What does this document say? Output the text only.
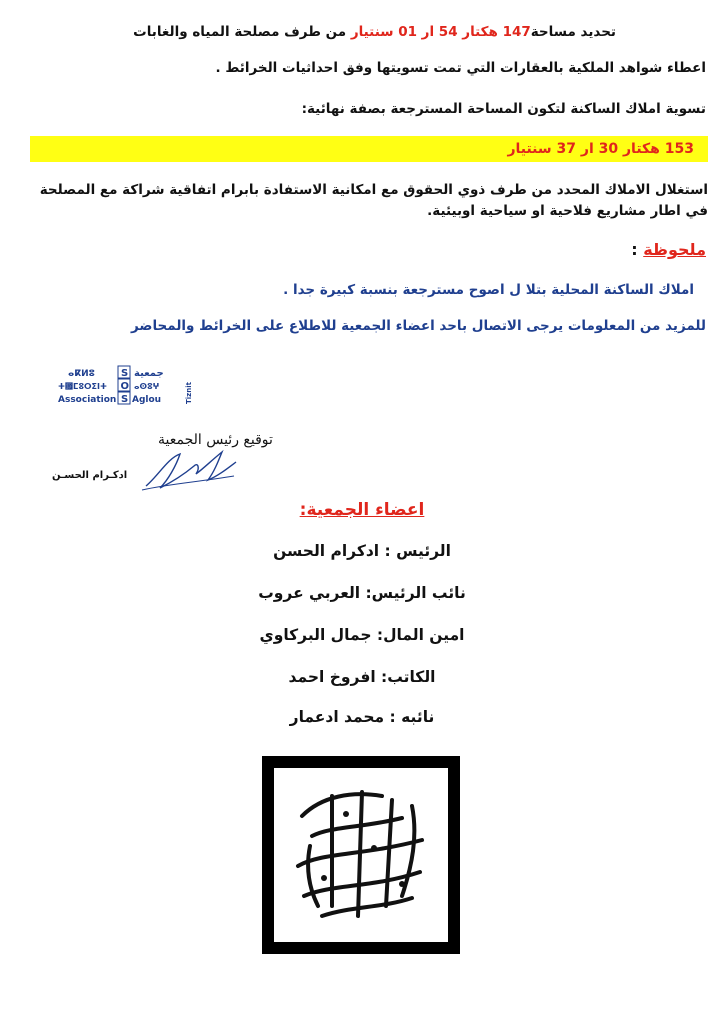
تحديد مساحة147 هكتار 54 ار 01 سنتيار من طرف مصلحة المياه والغابات
اعطاء شواهد الملكية بالعقارات التي تمت تسويتها وفق احداثيات الخرائط .
تسوية املاك الساكنة لتكون المساحة المسترجعة بصفة نهائية:
153 هكتار 30 ار 37 سنتيار
استغلال الاملاك المحدد من طرف ذوي الحقوق مع امكانية الاستفادة بابرام اتفاقية شراكة مع المصلحة في اطار مشاريع فلاحية او سياحية اوبيئية.
ملحوظة :
املاك الساكنة المحلية بتلا ل اصوح مسترجعة بنسبة كبيرة جدا .
للمزيد من المعلومات يرجى الاتصال باحد اعضاء الجمعية للاطلاع على الخرائط والمحاضر
ⴰⴽⵍⵓ
ⵜ⴯ⵎⵓⵔⵉⵏⵜ
Association
S
O
S
جمعية
ⴰⵙⵓⵖ
Aglou	Tiznit
توقيع رئيس الجمعية
ادكـرام الحسـن
اعضاء الجمعية:
الرئيس : ادكرام الحسن
نائب الرئيس: العربي عروب
امين المال: جمال البركاوي
الكاتب: افروخ احمد
نائبه : محمد ادعمار
